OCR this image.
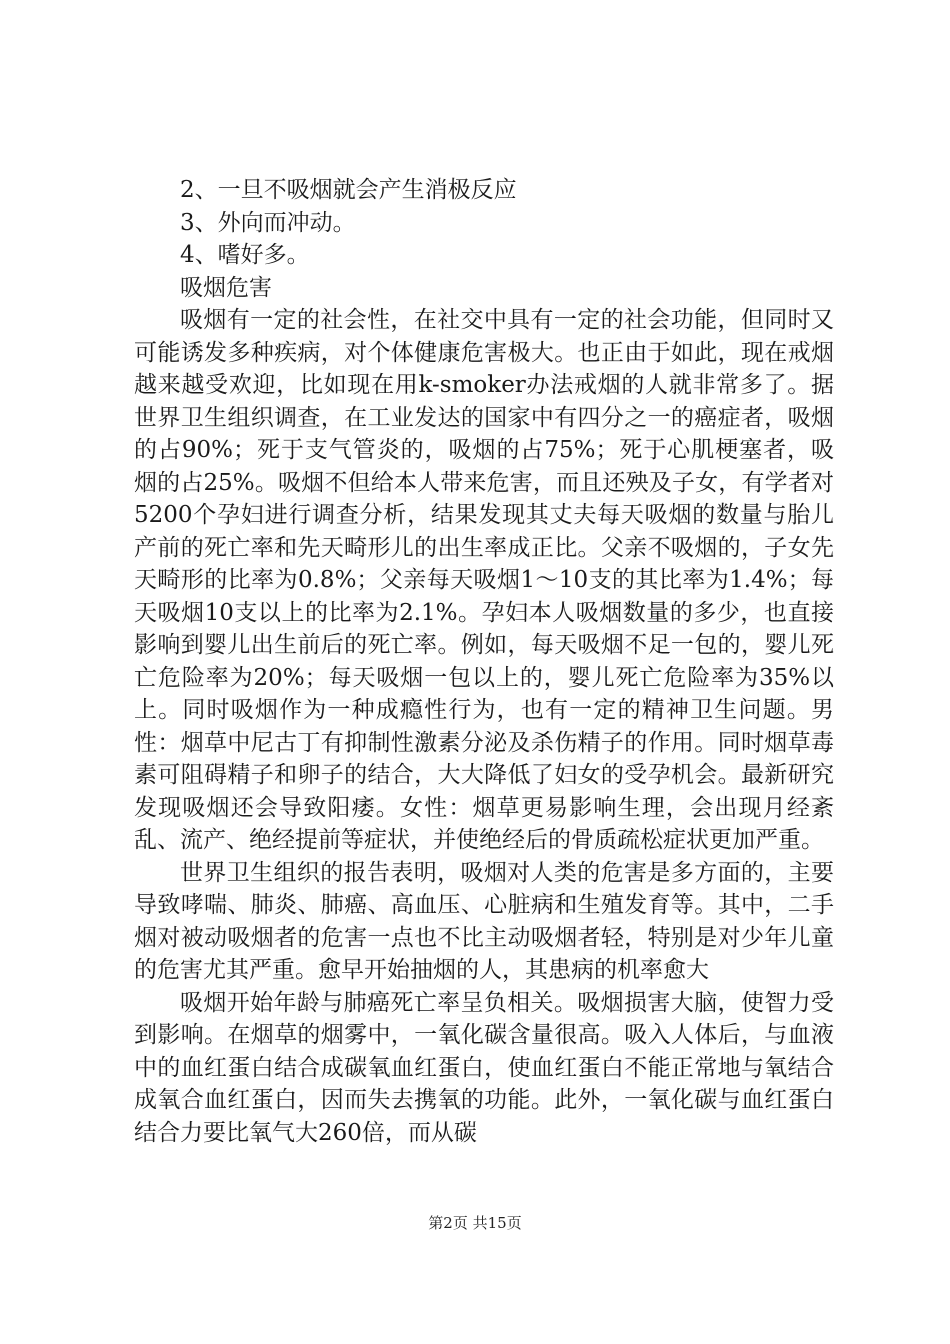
2、一旦不吸烟就会产生消极反应

3、外向而冲动。

4、嗜好多。

吸烟危害

吸烟有一定的社会性，在社交中具有一定的社会功能，但同时又可能诱发多种疾病，对个体健康危害极大。也正由于如此，现在戒烟越来越受欢迎，比如现在用k-smoker办法戒烟的人就非常多了。据世界卫生组织调查，在工业发达的国家中有四分之一的癌症者，吸烟的占90%；死于支气管炎的，吸烟的占75%；死于心肌梗塞者，吸烟的占25%。吸烟不但给本人带来危害，而且还殃及子女，有学者对5200个孕妇进行调查分析，结果发现其丈夫每天吸烟的数量与胎儿产前的死亡率和先天畸形儿的出生率成正比。父亲不吸烟的，子女先天畸形的比率为0.8%；父亲每天吸烟1～10支的其比率为1.4%；每天吸烟10支以上的比率为2.1%。孕妇本人吸烟数量的多少，也直接影响到婴儿出生前后的死亡率。例如，每天吸烟不足一包的，婴儿死亡危险率为20%；每天吸烟一包以上的，婴儿死亡危险率为35%以上。同时吸烟作为一种成瘾性行为，也有一定的精神卫生问题。男性：烟草中尼古丁有抑制性激素分泌及杀伤精子的作用。同时烟草毒素可阻碍精子和卵子的结合，大大降低了妇女的受孕机会。最新研究发现吸烟还会导致阳痿。女性：烟草更易影响生理，会出现月经紊乱、流产、绝经提前等症状，并使绝经后的骨质疏松症状更加严重。

世界卫生组织的报告表明，吸烟对人类的危害是多方面的，主要导致哮喘、肺炎、肺癌、高血压、心脏病和生殖发育等。其中，二手烟对被动吸烟者的危害一点也不比主动吸烟者轻，特别是对少年儿童的危害尤其严重。愈早开始抽烟的人，其患病的机率愈大

吸烟开始年龄与肺癌死亡率呈负相关。吸烟损害大脑，使智力受到影响。在烟草的烟雾中，一氧化碳含量很高。吸入人体后，与血液中的血红蛋白结合成碳氧血红蛋白，使血红蛋白不能正常地与氧结合成氧合血红蛋白，因而失去携氧的功能。此外，一氧化碳与血红蛋白结合力要比氧气大260倍，而从碳

第2页 共15页
